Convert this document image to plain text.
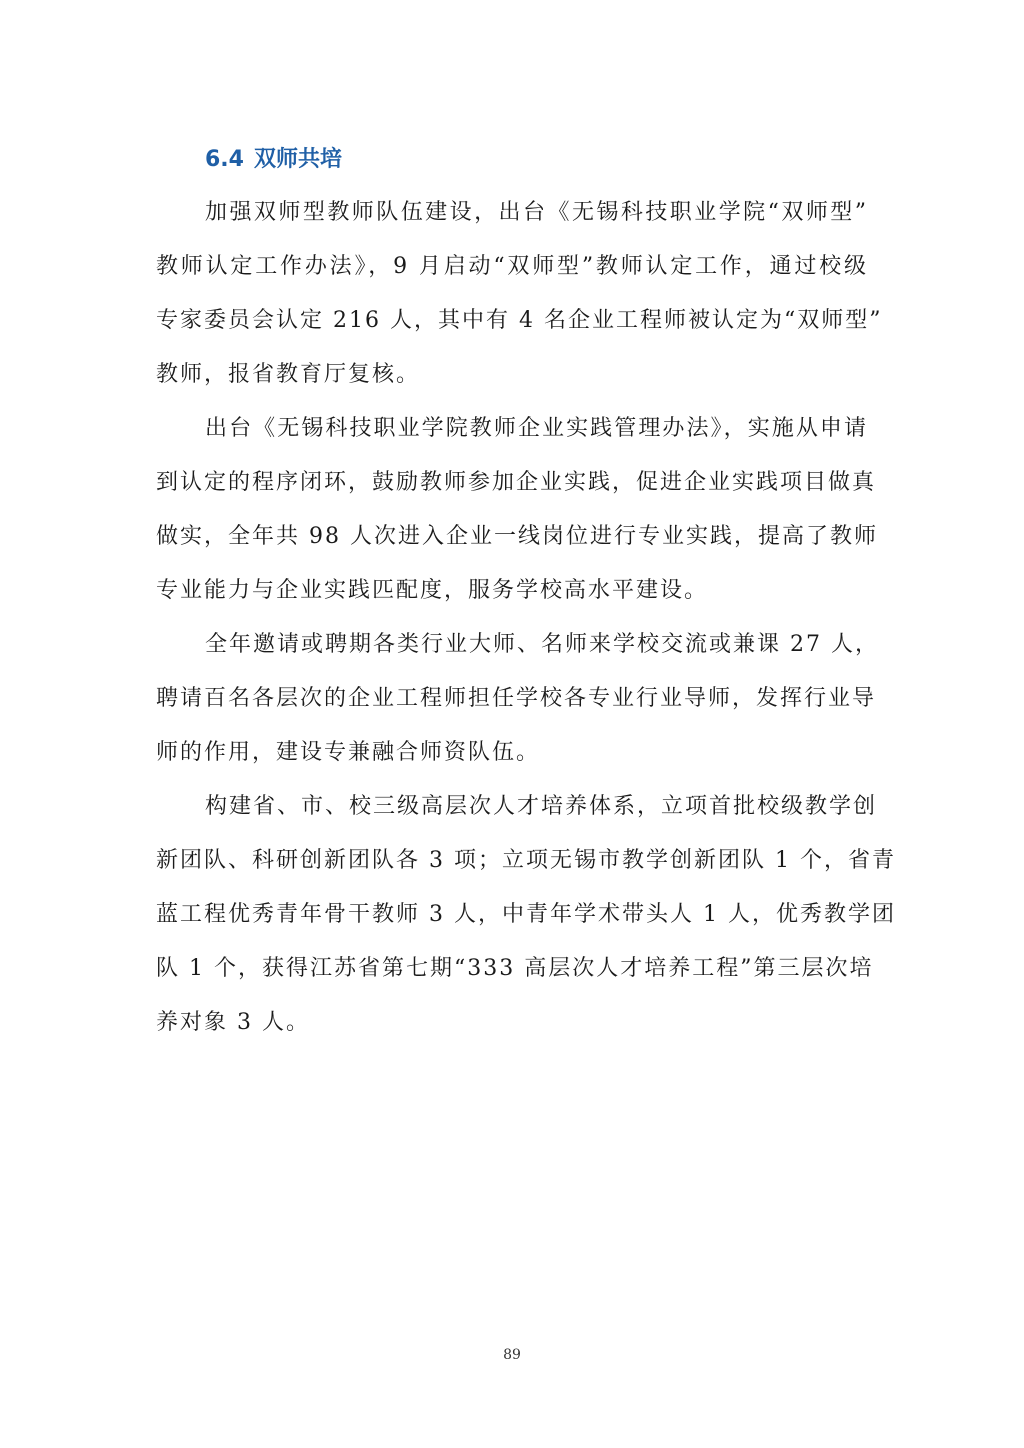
6.4 双师共培

加强双师型教师队伍建设，出台《无锡科技职业学院“双师型”
教师认定工作办法》，9 月启动“双师型”教师认定工作，通过校级
专家委员会认定 216 人，其中有 4 名企业工程师被认定为“双师型”
教师，报省教育厅复核。

出台《无锡科技职业学院教师企业实践管理办法》，实施从申请
到认定的程序闭环，鼓励教师参加企业实践，促进企业实践项目做真
做实，全年共 98 人次进入企业一线岗位进行专业实践，提高了教师
专业能力与企业实践匹配度，服务学校高水平建设。

全年邀请或聘期各类行业大师、名师来学校交流或兼课 27 人，
聘请百名各层次的企业工程师担任学校各专业行业导师，发挥行业导
师的作用，建设专兼融合师资队伍。

构建省、市、校三级高层次人才培养体系，立项首批校级教学创
新团队、科研创新团队各 3 项；立项无锡市教学创新团队 1 个，省青
蓝工程优秀青年骨干教师 3 人，中青年学术带头人 1 人，优秀教学团
队 1 个，获得江苏省第七期“333 高层次人才培养工程”第三层次培
养对象 3 人。

89
